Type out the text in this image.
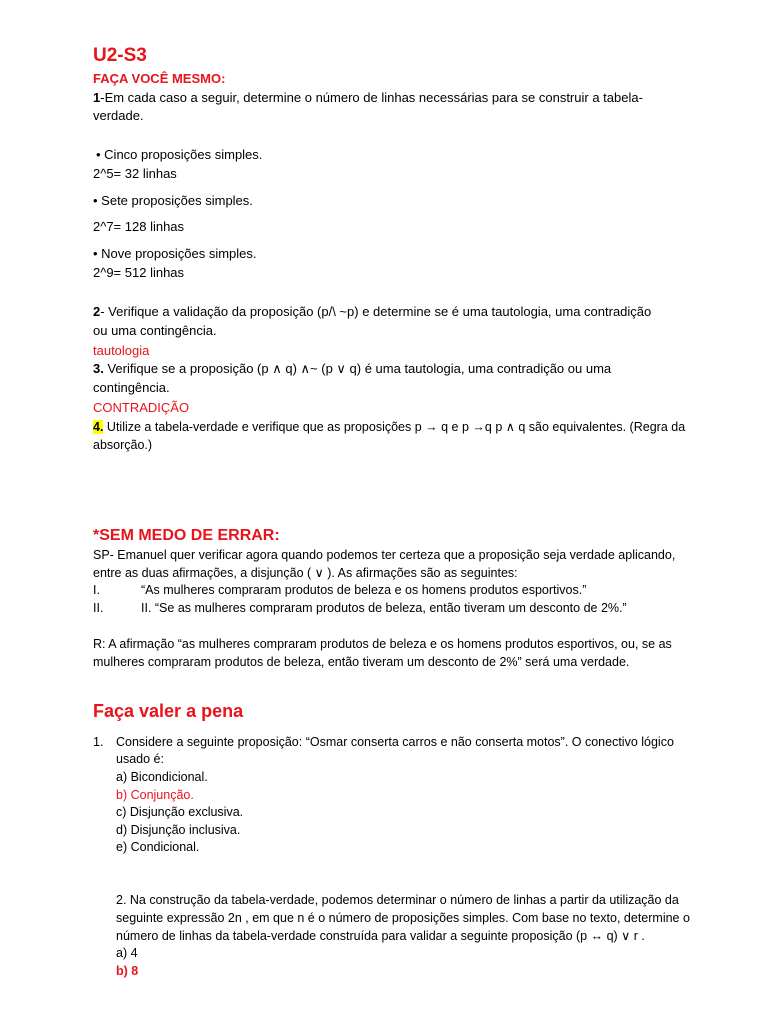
U2-S3
FAÇA VOCÊ MESMO:
1-Em cada caso a seguir, determine o número de linhas necessárias para se construir a tabela-
verdade.
• Cinco proposições simples.
2^5= 32 linhas
• Sete proposições simples.
2^7= 128 linhas
• Nove proposições simples.
2^9= 512 linhas
2- Verifique a validação da proposição (p/\ ~p) e determine se é uma tautologia, uma contradição
ou uma contingência.
tautologia
3. Verifique se a proposição (p ∧ q) ∧~ (p ∨ q) é uma tautologia, uma contradição ou uma
contingência.
CONTRADIÇÃO
4. Utilize a tabela-verdade e verifique que as proposições p → q e p →q p ∧ q são equivalentes. (Regra da
absorção.)
*SEM MEDO DE ERRAR:
SP- Emanuel quer verificar agora quando podemos ter certeza que a proposição seja verdade aplicando,
entre as duas afirmações, a disjunção ( ∨ ). As afirmações são as seguintes:
I.	“As mulheres compraram produtos de beleza e os homens produtos esportivos.”
II.	II. “Se as mulheres compraram produtos de beleza, então tiveram um desconto de 2%.”
R: A afirmação “as mulheres compraram produtos de beleza e os homens produtos esportivos, ou, se as
mulheres compraram produtos de beleza, então tiveram um desconto de 2%” será uma verdade.
Faça valer a pena
1. Considere a seguinte proposição: “Osmar conserta carros e não conserta motos”. O conectivo lógico
usado é:
a) Bicondicional.
b) Conjunção.
c) Disjunção exclusiva.
d) Disjunção inclusiva.
e) Condicional.
2. Na construção da tabela-verdade, podemos determinar o número de linhas a partir da utilização da
seguinte expressão 2n , em que n é o número de proposições simples. Com base no texto, determine o
número de linhas da tabela-verdade construída para validar a seguinte proposição (p ↔ q) ∨ r .
a) 4
b) 8
